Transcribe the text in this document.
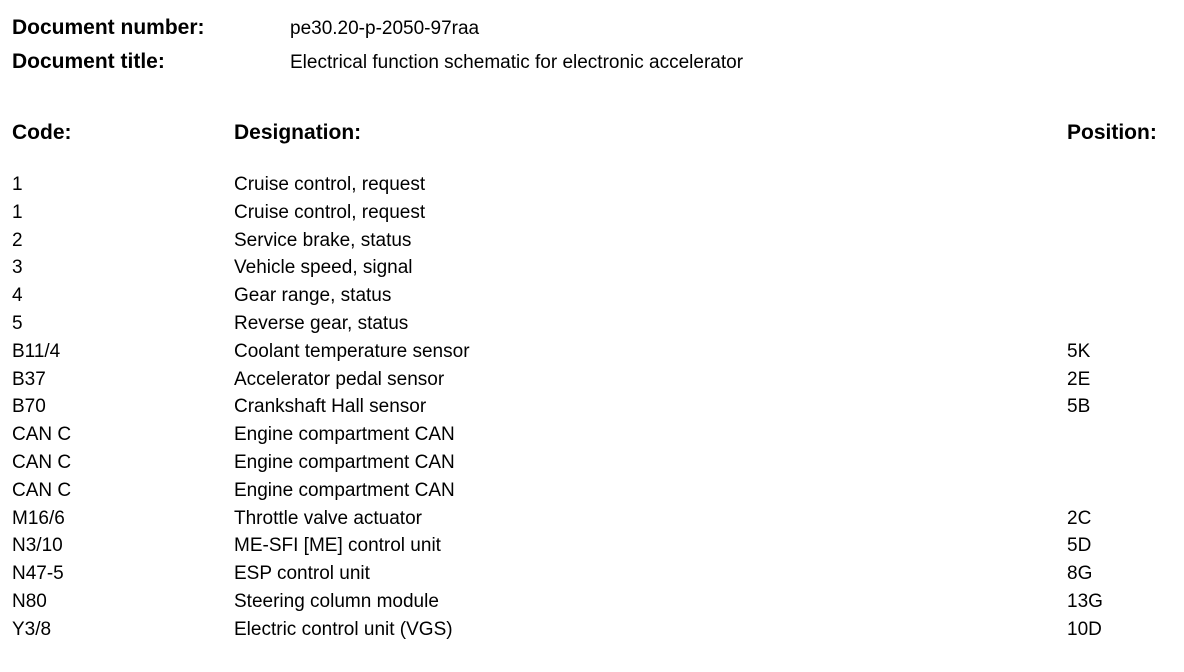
Document number:	pe30.20-p-2050-97raa
Document title:	Electrical function schematic for electronic accelerator
Code:	Designation:	Position:
1	Cruise control, request
1	Cruise control, request
2	Service brake, status
3	Vehicle speed, signal
4	Gear range, status
5	Reverse gear, status
B11/4	Coolant temperature sensor	5K
B37	Accelerator pedal sensor	2E
B70	Crankshaft Hall sensor	5B
CAN C	Engine compartment CAN
CAN C	Engine compartment CAN
CAN C	Engine compartment CAN
M16/6	Throttle valve actuator	2C
N3/10	ME-SFI [ME] control unit	5D
N47-5	ESP control unit	8G
N80	Steering column module	13G
Y3/8	Electric control unit (VGS)	10D
